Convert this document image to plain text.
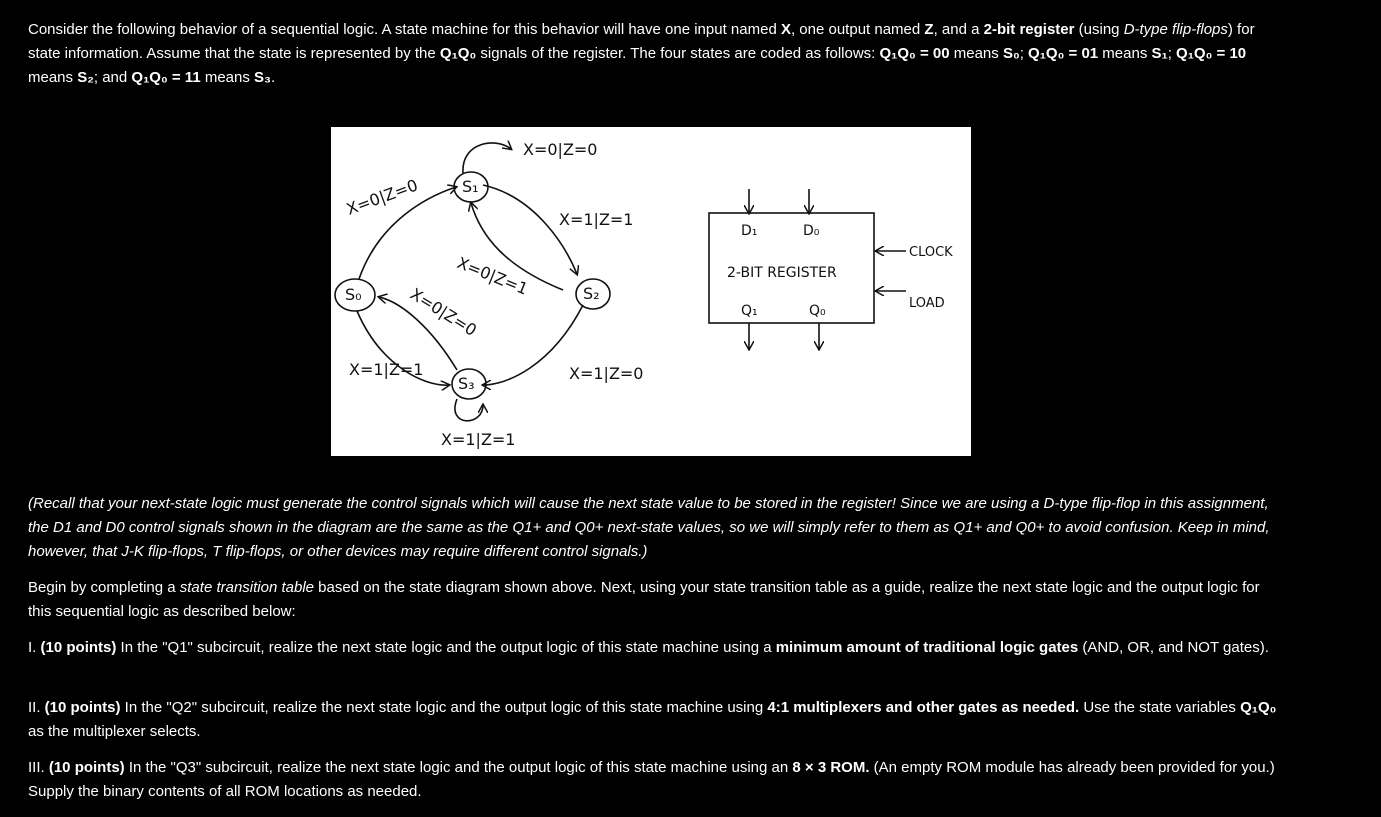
Consider the following behavior of a sequential logic. A state machine for this behavior will have one input named X, one output named Z, and a 2-bit register (using D-type flip-flops) for state information. Assume that the state is represented by the Q₁Q₀ signals of the register. The four states are coded as follows: Q₁Q₀ = 00 means S₀; Q₁Q₀ = 01 means S₁; Q₁Q₀ = 10 means S₂; and Q₁Q₀ = 11 means S₃.

S₁
S₀	S₂
S₃
X=0|Z=0
X=0|Z=0
X=1|Z=1
X=0|Z=1
X=0|Z=0
X=1|Z=1	X=1|Z=0
X=1|Z=1
D₁	D₀
2-BIT REGISTER
Q₁	Q₀
CLOCK
LOAD

(Recall that your next-state logic must generate the control signals which will cause the next state value to be stored in the register! Since we are using a D-type flip-flop in this assignment, the D1 and D0 control signals shown in the diagram are the same as the Q1+ and Q0+ next-state values, so we will simply refer to them as Q1+ and Q0+ to avoid confusion. Keep in mind, however, that J-K flip-flops, T flip-flops, or other devices may require different control signals.)

Begin by completing a state transition table based on the state diagram shown above. Next, using your state transition table as a guide, realize the next state logic and the output logic for this sequential logic as described below:

I. (10 points) In the "Q1" subcircuit, realize the next state logic and the output logic of this state machine using a minimum amount of traditional logic gates (AND, OR, and NOT gates).

II. (10 points) In the "Q2" subcircuit, realize the next state logic and the output logic of this state machine using 4:1 multiplexers and other gates as needed. Use the state variables Q₁Q₀ as the multiplexer selects.

III. (10 points) In the "Q3" subcircuit, realize the next state logic and the output logic of this state machine using an 8 × 3 ROM. (An empty ROM module has already been provided for you.) Supply the binary contents of all ROM locations as needed.
